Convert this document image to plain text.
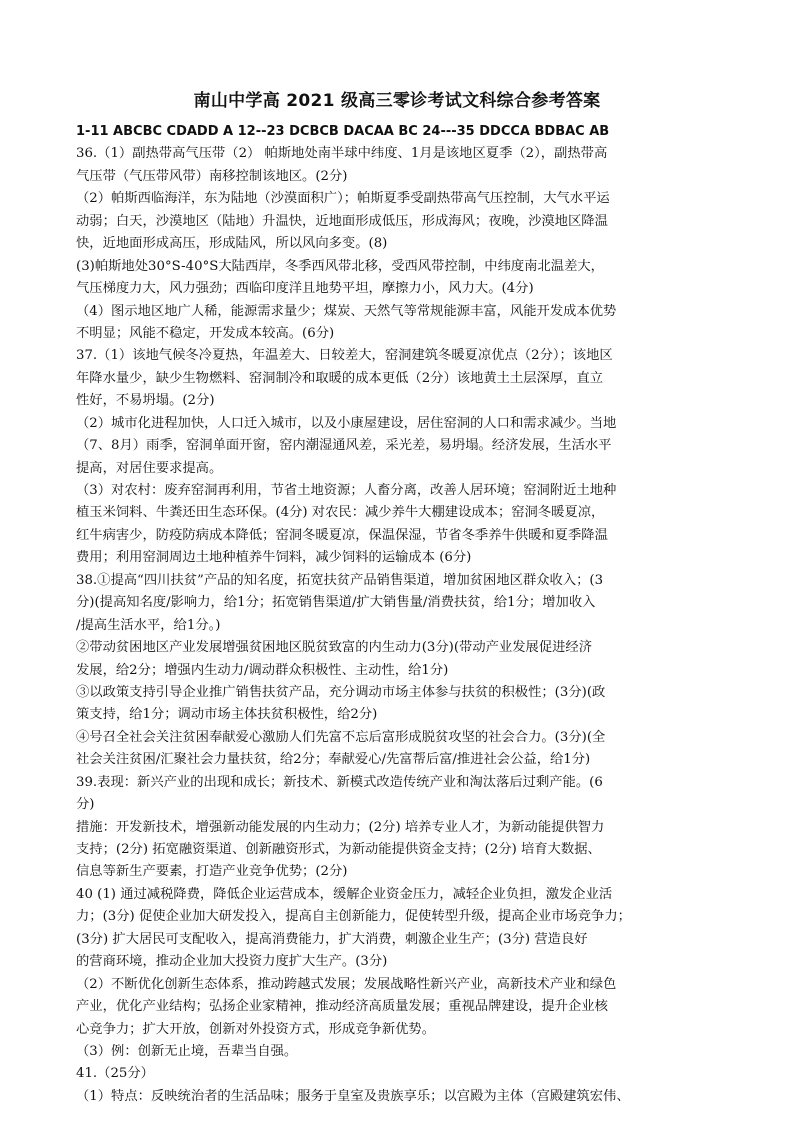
南山中学高 2021 级高三零诊考试文科综合参考答案
1-11 ABCBC CDADD A 12--23 DCBCB DACAA BC 24---35 DDCCA BDBAC AB
36.（1）副热带高气压带（2） 帕斯地处南半球中纬度、1月是该地区夏季（2），副热带高
气压带（气压带风带）南移控制该地区。(2分)
（2）帕斯西临海洋，东为陆地（沙漠面积广）；帕斯夏季受副热带高气压控制，大气水平运
动弱；白天，沙漠地区（陆地）升温快，近地面形成低压，形成海风；夜晚，沙漠地区降温
快，近地面形成高压，形成陆风，所以风向多变。(8)
(3)帕斯地处30°S-40°S大陆西岸，冬季西风带北移，受西风带控制，中纬度南北温差大，
气压梯度力大，风力强劲；西临印度洋且地势平坦，摩擦力小，风力大。(4分)
（4）图示地区地广人稀，能源需求量少；煤炭、天然气等常规能源丰富，风能开发成本优势
不明显；风能不稳定，开发成本较高。(6分)
37.（1）该地气候冬冷夏热，年温差大、日较差大，窑洞建筑冬暖夏凉优点（2分）；该地区
年降水量少，缺少生物燃料、窑洞制冷和取暖的成本更低（2分）该地黄土土层深厚，直立
性好，不易坍塌。(2分)
（2）城市化进程加快，人口迁入城市，以及小康屋建设，居住窑洞的人口和需求减少。当地
（7、8月）雨季，窑洞单面开窗，窑内潮湿通风差，采光差，易坍塌。经济发展，生活水平
提高，对居住要求提高。
（3）对农村：废弃窑洞再利用，节省土地资源；人畜分离，改善人居环境；窑洞附近土地种
植玉米饲料、牛粪还田生态环保。(4分) 对农民：减少养牛大棚建设成本；窑洞冬暖夏凉，
红牛病害少，防疫防病成本降低；窑洞冬暖夏凉，保温保湿，节省冬季养牛供暖和夏季降温
费用；利用窑洞周边土地种植养牛饲料，减少饲料的运输成本 (6分)
38.①提高“四川扶贫”产品的知名度，拓宽扶贫产品销售渠道，增加贫困地区群众收入；(3
分)(提高知名度/影响力，给1分；拓宽销售渠道/扩大销售量/消费扶贫，给1分；增加收入
/提高生活水平，给1分。)
②带动贫困地区产业发展增强贫困地区脱贫致富的内生动力(3分)(带动产业发展促进经济
发展，给2分；增强内生动力/调动群众积极性、主动性，给1分)
③以政策支持引导企业推广销售扶贫产品，充分调动市场主体参与扶贫的积极性；(3分)(政
策支持，给1分；调动市场主体扶贫积极性，给2分)
④号召全社会关注贫困奉献爱心激励人们先富不忘后富形成脱贫攻坚的社会合力。(3分)(全
社会关注贫困/汇聚社会力量扶贫，给2分；奉献爱心/先富帮后富/推进社会公益，给1分)
39.表现：新兴产业的出现和成长；新技术、新模式改造传统产业和淘汰落后过剩产能。(6
分)
措施：开发新技术，增强新动能发展的内生动力；(2分) 培养专业人才，为新动能提供智力
支持；(2分) 拓宽融资渠道、创新融资形式，为新动能提供资金支持；(2分) 培育大数据、
信息等新生产要素，打造产业竞争优势；(2分)
40 (1) 通过减税降费，降低企业运营成本，缓解企业资金压力，减轻企业负担，激发企业活
力；(3分) 促使企业加大研发投入，提高自主创新能力，促使转型升级，提高企业市场竞争力；
(3分) 扩大居民可支配收入，提高消费能力，扩大消费，刺激企业生产；(3分) 营造良好
的营商环境，推动企业加大投资力度扩大生产。(3分)
（2）不断优化创新生态体系，推动跨越式发展；发展战略性新兴产业，高新技术产业和绿色
产业，优化产业结构；弘扬企业家精神，推动经济高质量发展；重视品牌建设，提升企业核
心竞争力；扩大开放，创新对外投资方式，形成竞争新优势。
（3）例：创新无止境，吾辈当自强。
41.（25分）
（1）特点：反映统治者的生活品味；服务于皇室及贵族享乐；以宫殿为主体（宫殿建筑宏伟、
